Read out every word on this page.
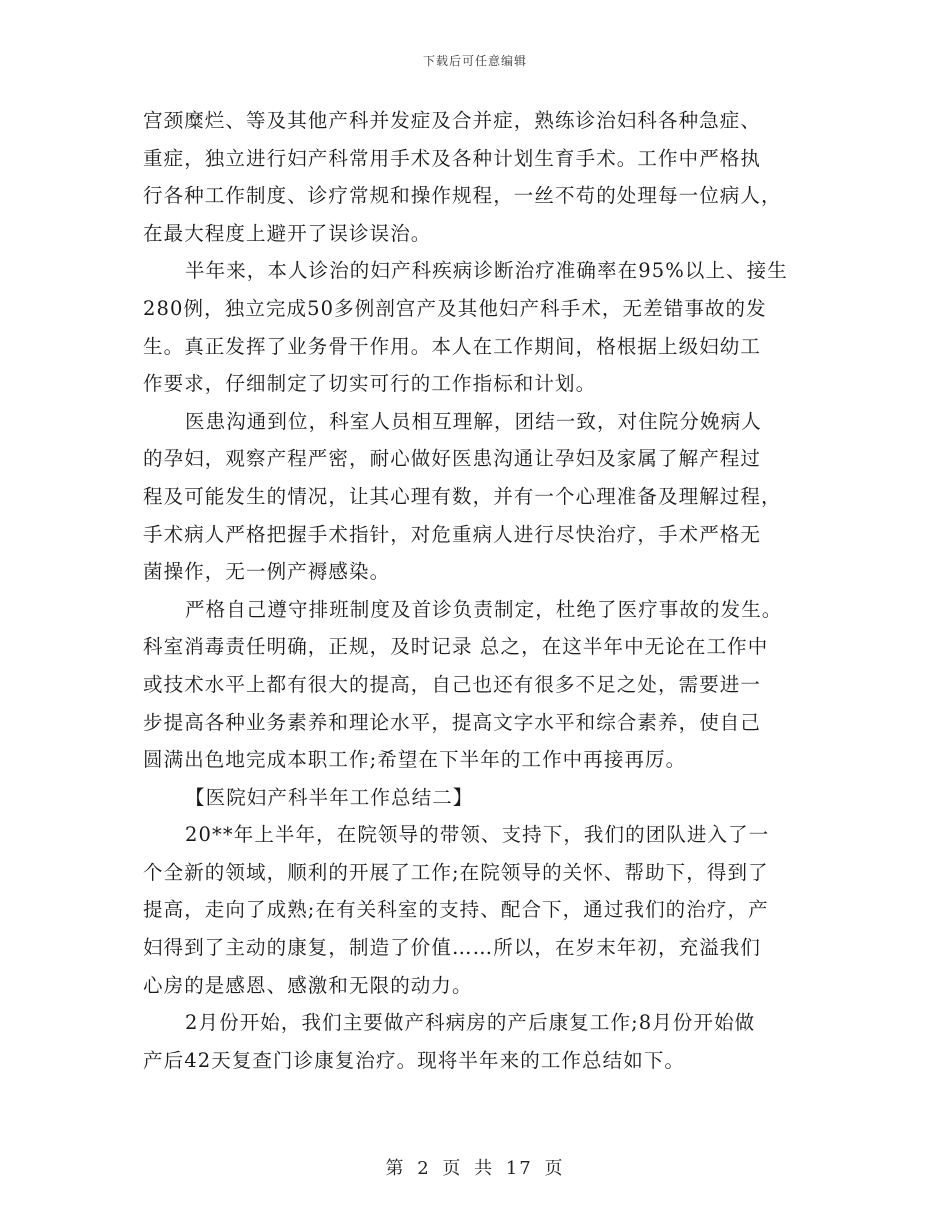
下载后可任意编辑
宫颈糜烂、等及其他产科并发症及合并症，熟练诊治妇科各种急症、
重症，独立进行妇产科常用手术及各种计划生育手术。工作中严格执
行各种工作制度、诊疗常规和操作规程，一丝不苟的处理每一位病人，
在最大程度上避开了误诊误治。
半年来，本人诊治的妇产科疾病诊断治疗准确率在95%以上、接生
280例，独立完成50多例剖宫产及其他妇产科手术，无差错事故的发
生。真正发挥了业务骨干作用。本人在工作期间，格根据上级妇幼工
作要求，仔细制定了切实可行的工作指标和计划。
医患沟通到位，科室人员相互理解，团结一致，对住院分娩病人
的孕妇，观察产程严密，耐心做好医患沟通让孕妇及家属了解产程过
程及可能发生的情况，让其心理有数，并有一个心理准备及理解过程，
手术病人严格把握手术指针，对危重病人进行尽快治疗，手术严格无
菌操作，无一例产褥感染。
严格自己遵守排班制度及首诊负责制定，杜绝了医疗事故的发生。
科室消毒责任明确，正规，及时记录 总之，在这半年中无论在工作中
或技术水平上都有很大的提高，自己也还有很多不足之处，需要进一
步提高各种业务素养和理论水平，提高文字水平和综合素养，使自己
圆满出色地完成本职工作;希望在下半年的工作中再接再厉。
【医院妇产科半年工作总结二】
20**年上半年，在院领导的带领、支持下，我们的团队进入了一
个全新的领域，顺利的开展了工作;在院领导的关怀、帮助下，得到了
提高，走向了成熟;在有关科室的支持、配合下，通过我们的治疗，产
妇得到了主动的康复，制造了价值……所以，在岁末年初，充溢我们
心房的是感恩、感激和无限的动力。
2月份开始，我们主要做产科病房的产后康复工作;8月份开始做
产后42天复查门诊康复治疗。现将半年来的工作总结如下。
第 2 页 共 17 页
